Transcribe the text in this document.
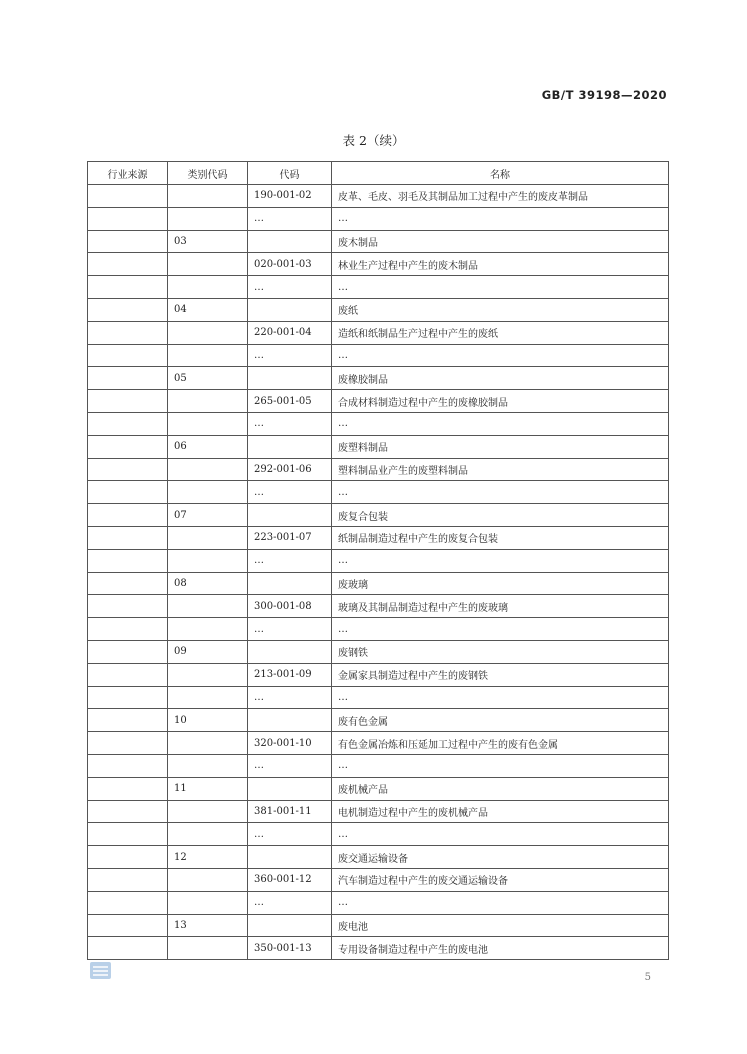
GB/T 39198—2020
表 2（续）
行业来源	类别代码	代码	名称
		190-001-02	皮革、毛皮、羽毛及其制品加工过程中产生的废皮革制品
		…	…
	03		废木制品
		020-001-03	林业生产过程中产生的废木制品
		…	…
	04		废纸
		220-001-04	造纸和纸制品生产过程中产生的废纸
		…	…
	05		废橡胶制品
		265-001-05	合成材料制造过程中产生的废橡胶制品
		…	…
	06		废塑料制品
		292-001-06	塑料制品业产生的废塑料制品
		…	…
	07		废复合包装
		223-001-07	纸制品制造过程中产生的废复合包装
		…	…
	08		废玻璃
		300-001-08	玻璃及其制品制造过程中产生的废玻璃
		…	…
	09		废钢铁
		213-001-09	金属家具制造过程中产生的废钢铁
		…	…
	10		废有色金属
		320-001-10	有色金属冶炼和压延加工过程中产生的废有色金属
		…	…
	11		废机械产品
		381-001-11	电机制造过程中产生的废机械产品
		…	…
	12		废交通运输设备
		360-001-12	汽车制造过程中产生的废交通运输设备
		…	…
	13		废电池
		350-001-13	专用设备制造过程中产生的废电池
5
